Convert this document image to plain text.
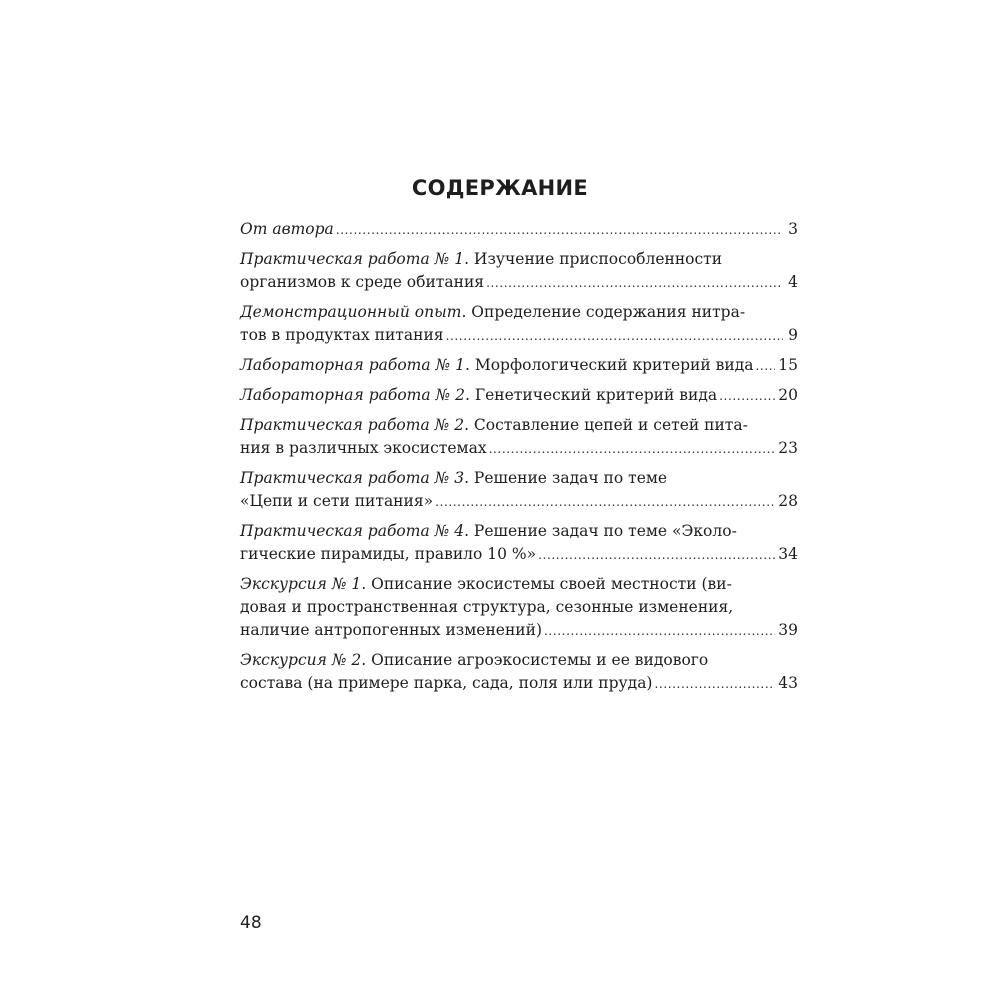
СОДЕРЖАНИЕ
От автора .....	3
Практическая работа № 1. Изучение приспособленности
организмов к среде обитания .....	4
Демонстрационный опыт. Определение содержания нитра-
тов в продуктах питания .....	9
Лабораторная работа № 1 . Морфологический критерий вида ..... 15
Лабораторная работа № 2 . Генетический критерий вида .....	20
Практическая работа № 2. Составление цепей и сетей пита-
ния в различных экосистемах .....	23
Практическая работа № 3. Решение задач по теме
«Цепи и сети питания» .....	28
Практическая работа № 4. Решение задач по теме «Эколо-
гические пирамиды, правило 10 %» .....	34
Экскурсия № 1. Описание экосистемы своей местности (ви-
довая и пространственная структура, сезонные изменения,
наличие антропогенных изменений) .....	39
Экскурсия № 2. Описание агроэкосистемы и ее видового
состава (на примере парка, сада, поля или пруда) .....	43

48
